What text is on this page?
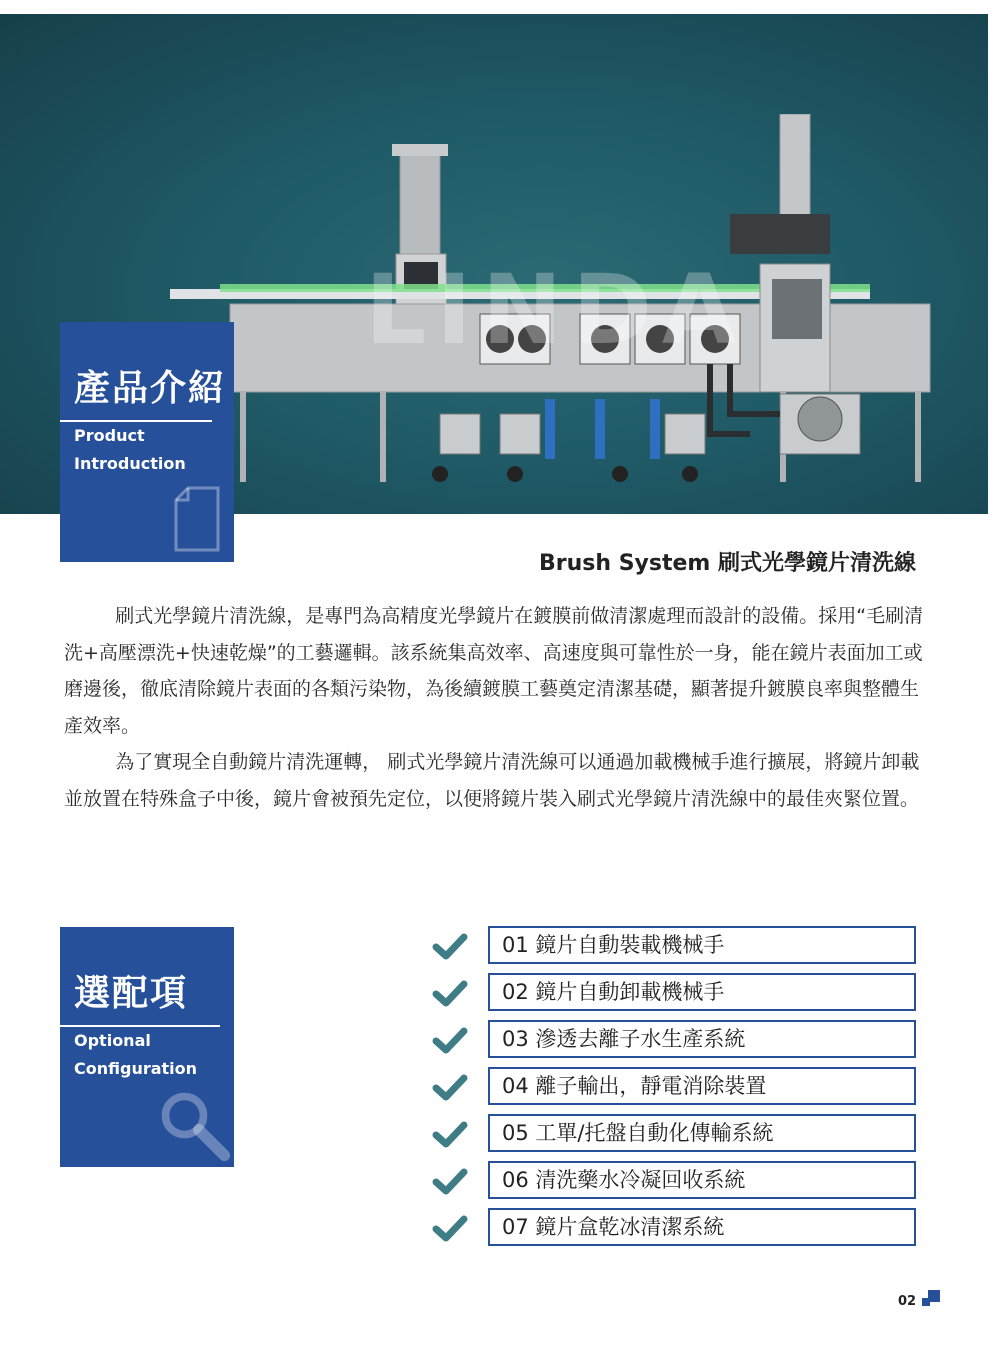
LINDA
產品介紹
Product
Introduction
Brush System 刷式光學鏡片清洗線

刷式光學鏡片清洗線，是專門為高精度光學鏡片在鍍膜前做清潔處理而設計的設備。採用“毛刷清洗+高壓漂洗+快速乾燥”的工藝邏輯。該系統集高效率、高速度與可靠性於一身，能在鏡片表面加工或磨邊後，徹底清除鏡片表面的各類污染物，為後續鍍膜工藝奠定清潔基礎，顯著提升鍍膜良率與整體生產效率。

為了實現全自動鏡片清洗運轉， 刷式光學鏡片清洗線可以通過加載機械手進行擴展，將鏡片卸載並放置在特殊盒子中後，鏡片會被預先定位，以便將鏡片裝入刷式光學鏡片清洗線中的最佳夾緊位置。

選配項
Optional
Configuration
01 鏡片自動裝載機械手
02 鏡片自動卸載機械手
03 滲透去離子水生產系統
04 離子輸出，靜電消除裝置
05 工單/托盤自動化傳輸系統
06 清洗藥水冷凝回收系統
07 鏡片盒乾冰清潔系統
02
